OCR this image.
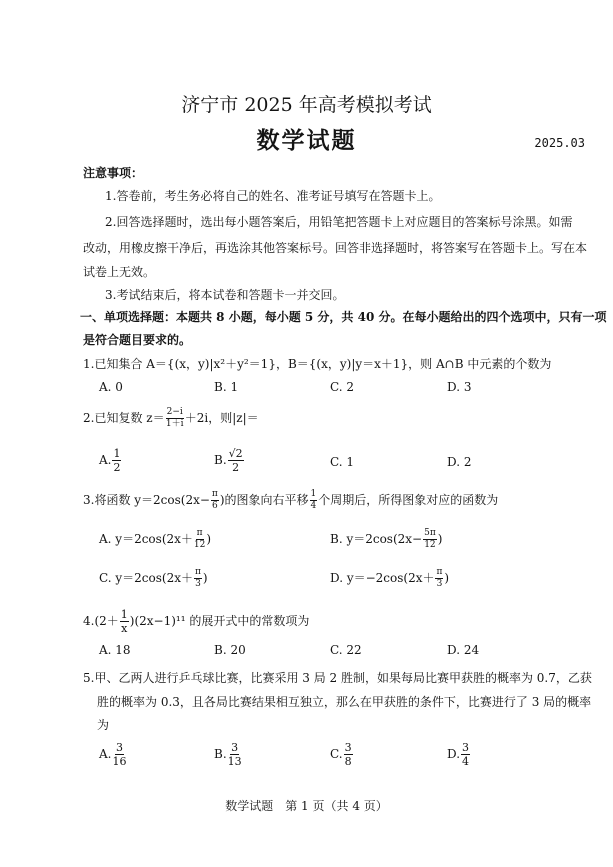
济宁市 2025 年高考模拟考试
数学试题	2025.03
注意事项：
1.答卷前，考生务必将自己的姓名、准考证号填写在答题卡上。
2.回答选择题时，选出每小题答案后，用铅笔把答题卡上对应题目的答案标号涂黑。如需
改动，用橡皮擦干净后，再选涂其他答案标号。回答非选择题时，将答案写在答题卡上。写在本
试卷上无效。
3.考试结束后，将本试卷和答题卡一并交回。
一、单项选择题：本题共 8 小题，每小题 5 分，共 40 分。在每小题给出的四个选项中，只有一项
是符合题目要求的。
1.已知集合 A＝{(x，y)|x²＋y²＝1}，B＝{(x，y)|y＝x＋1}，则 A∩B 中元素的个数为
A. 0	B. 1	C. 2	D. 3
2.已知复数 $z= \frac{2-i}{1+i} +2i$，则|z|＝
A. $\frac{1}{2}$	B. $\frac{√2}{2}$	C. 1	D. 2
3.将函数 $y=2\cos(2x- \frac{\pi}{6}$ )的图象向右平移 $\frac{1}{4}$ 个周期后，所得图象对应的函数为
A. $y=2\cos(2x+ \frac{\pi}{12}$ )	B. $y=2\cos(2x- \frac{5\pi}{12}$ )
C. $y=2\cos(2x+ \frac{\pi}{3}$ )	D. $y=-2\cos(2x+ \frac{\pi}{3}$ )
$4.(2+ \frac{1}{x} )(2x-1)^{11}$ 的展开式中的常数项为
A. 18	B. 20	C. 22	D. 24
5.甲、乙两人进行乒乓球比赛，比赛采用 3 局 2 胜制，如果每局比赛甲获胜的概率为 0.7，乙获
胜的概率为 0.3，且各局比赛结果相互独立，那么在甲获胜的条件下，比赛进行了 3 局的概率
为
A. $\frac{3}{16}$	B. $\frac{3}{13}$	C. $\frac{3}{8}$	D. $\frac{3}{4}$
数学试题　第 1 页（共 4 页）
